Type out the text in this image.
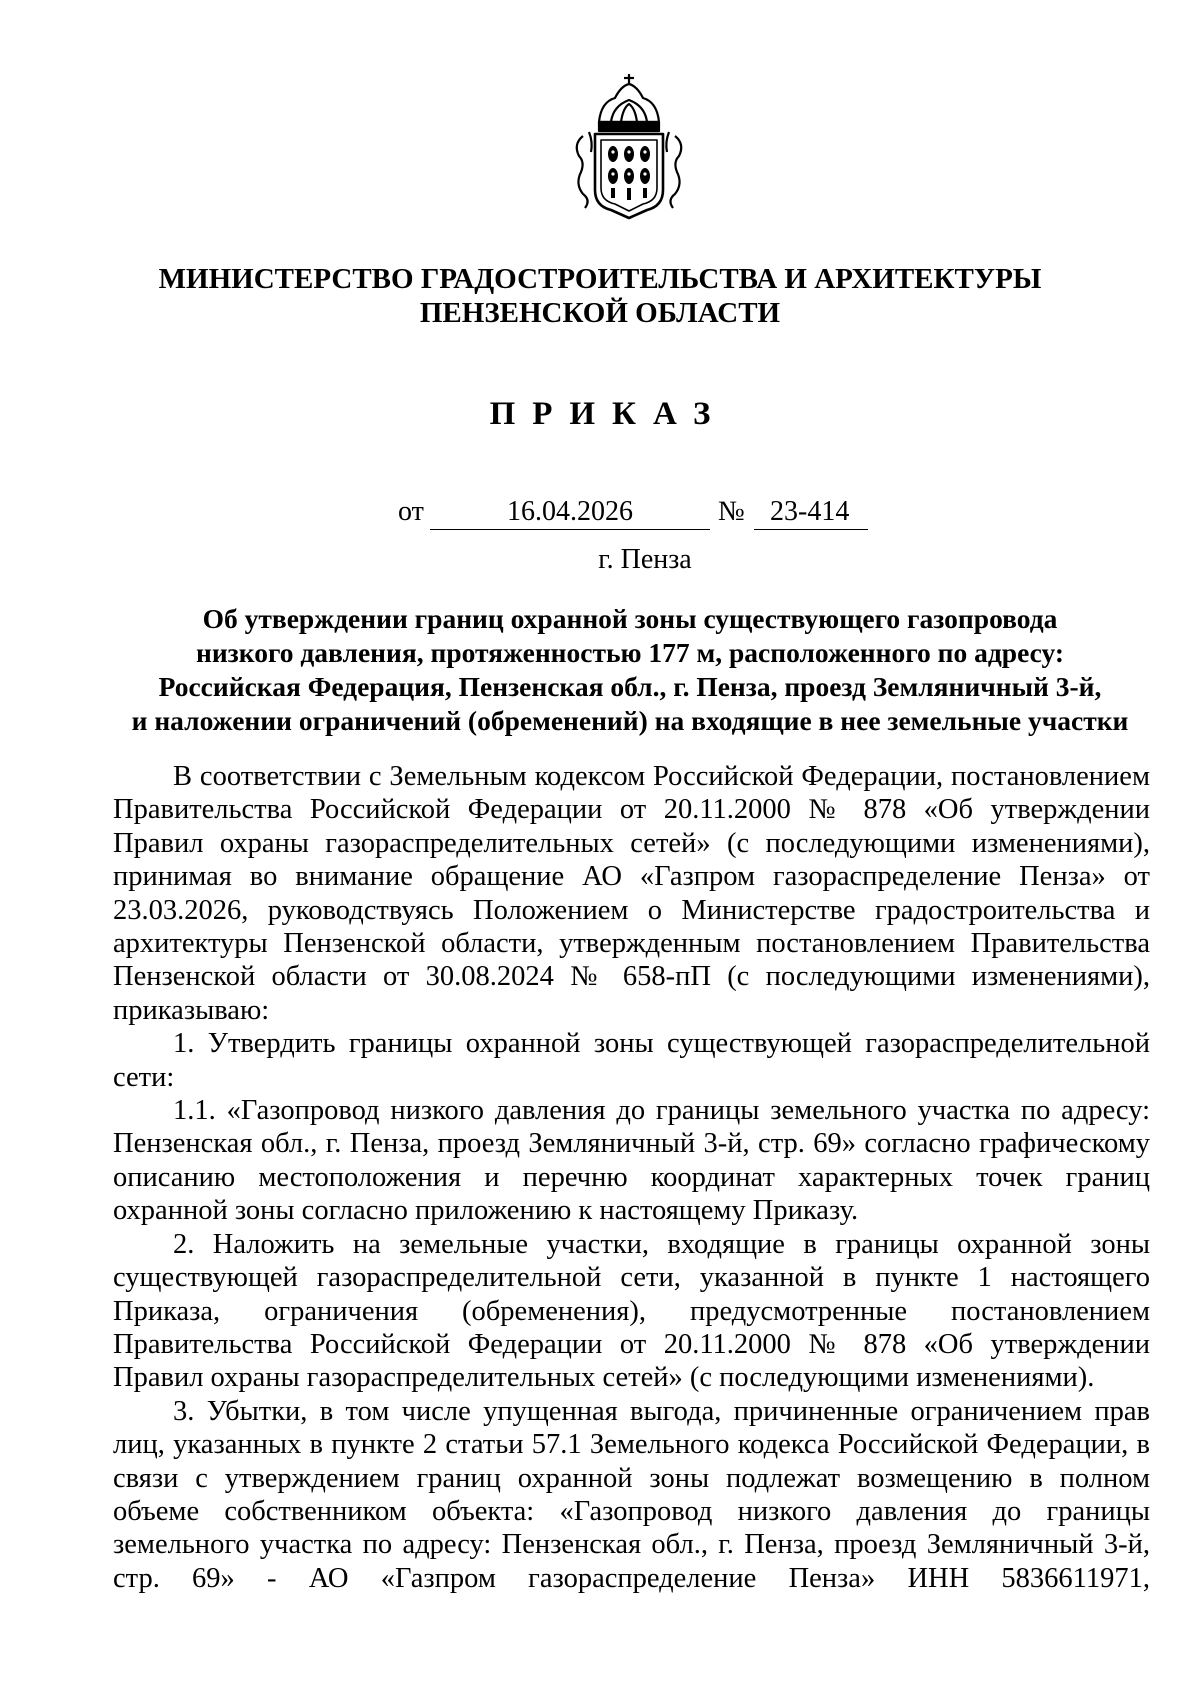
МИНИСТЕРСТВО ГРАДОСТРОИТЕЛЬСТВА И АРХИТЕКТУРЫ
ПЕНЗЕНСКОЙ ОБЛАСТИ
ПРИКАЗ
от	16.04.2026	№ 23-414
г. Пенза
Об утверждении границ охранной зоны существующего газопровода
низкого давления, протяженностью 177 м, расположенного по адресу:
Российская Федерация, Пензенская обл., г. Пенза, проезд Земляничный 3-й,
и наложении ограничений (обременений) на входящие в нее земельные участки

В соответствии с Земельным кодексом Российской Федерации, постановлением Правительства Российской Федерации от 20.11.2000 № 878 «Об утверждении Правил охраны газораспределительных сетей» (с последующими изменениями), принимая во внимание обращение АО «Газпром газораспределение Пенза» от 23.03.2026, руководствуясь Положением о Министерстве градостроительства и архитектуры Пензенской области, утвержденным постановлением Правительства Пензенской области от 30.08.2024 № 658-пП (с последующими изменениями), приказываю:

1. Утвердить границы охранной зоны существующей газораспределительной сети:

1.1. «Газопровод низкого давления до границы земельного участка по адресу: Пензенская обл., г. Пенза, проезд Земляничный 3-й, стр. 69» согласно графическому описанию местоположения и перечню координат характерных точек границ охранной зоны согласно приложению к настоящему Приказу.

2. Наложить на земельные участки, входящие в границы охранной зоны существующей газораспределительной сети, указанной в пункте 1 настоящего Приказа, ограничения (обременения), предусмотренные постановлением Правительства Российской Федерации от 20.11.2000 № 878 «Об утверждении Правил охраны газораспределительных сетей» (с последующими изменениями).

3. Убытки, в том числе упущенная выгода, причиненные ограничением прав лиц, указанных в пункте 2 статьи 57.1 Земельного кодекса Российской Федерации, в связи с утверждением границ охранной зоны подлежат возмещению в полном объеме собственником объекта: «Газопровод низкого давления до границы земельного участка по адресу: Пензенская обл., г. Пенза, проезд Земляничный 3-й, стр. 69» - АО «Газпром газораспределение Пенза» ИНН 5836611971,
